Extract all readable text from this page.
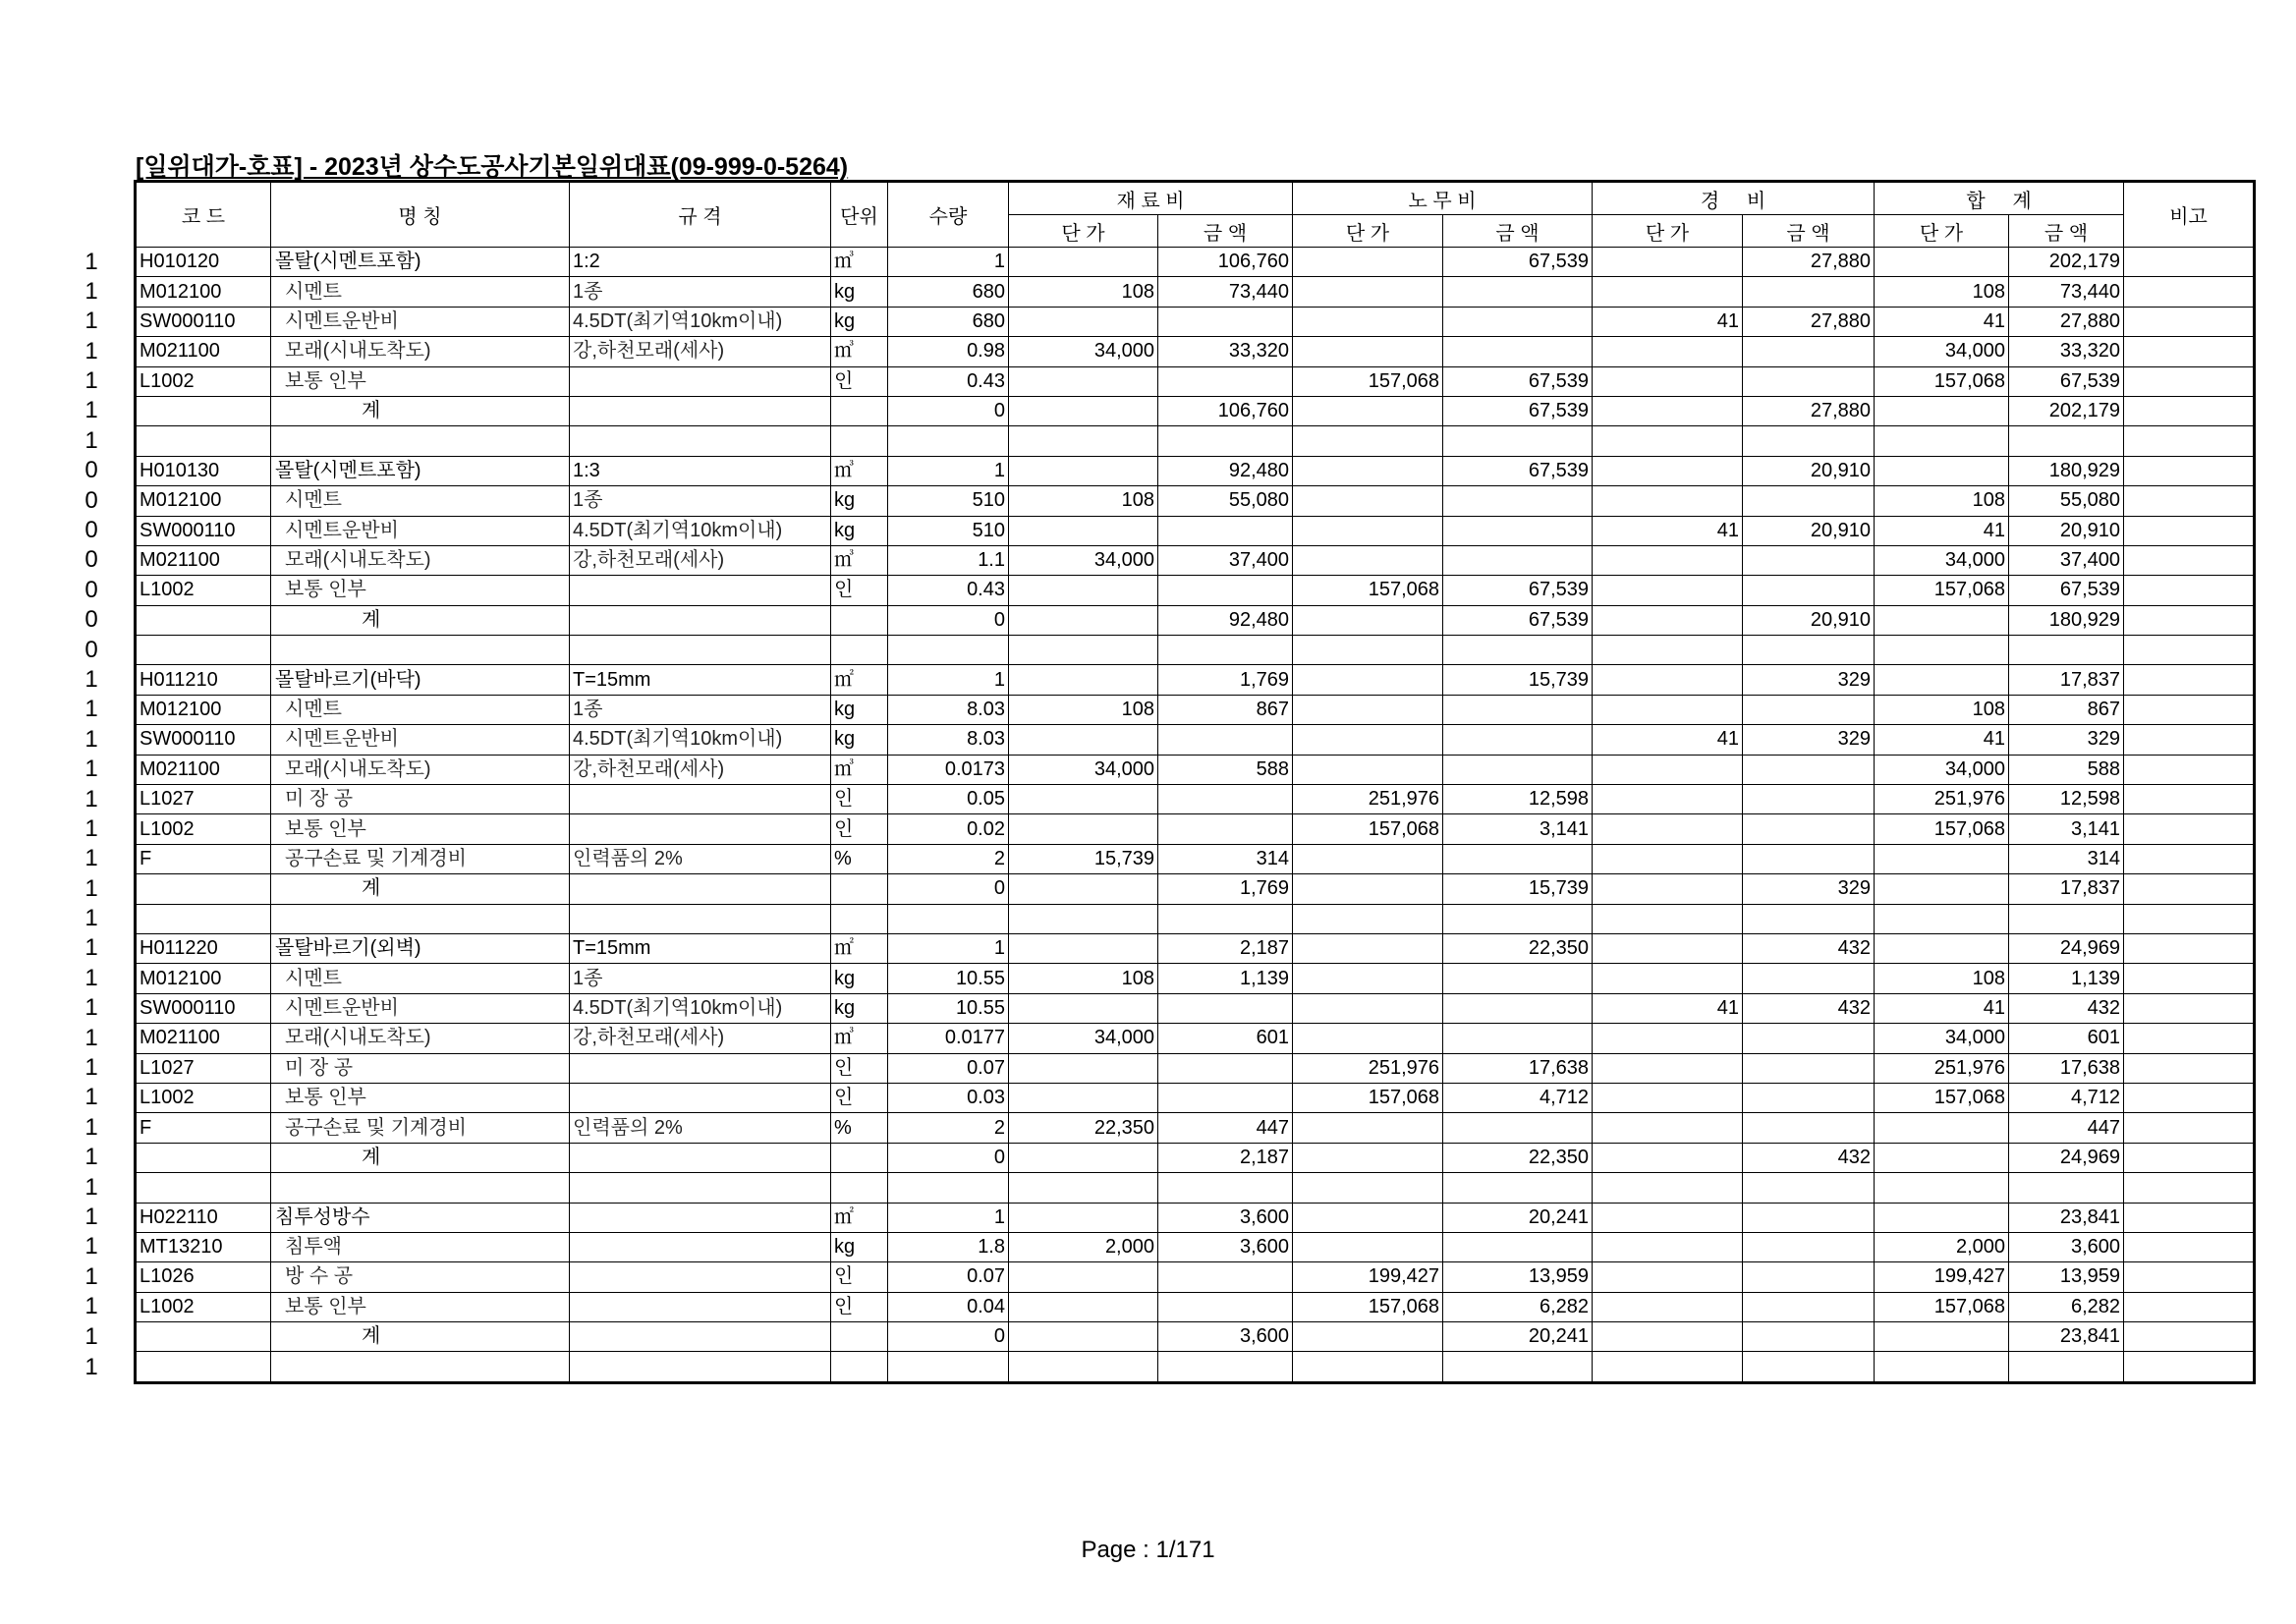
[일위대가-호표] - 2023년 상수도공사기본일위대표(09-999-0-5264)
1
1
1
1
1
1
1
0
0
0
0
0
0
0
1
1
1
1
1
1
1
1
1
1
1
1
1
1
1
1
1
1
1
1
1
1
1
1
코 드	명 칭	규 격	단위	수량	재 료 비		노 무 비		경     비		합     계		비고
					단 가	금 액	단 가	금 액	단 가	금 액	단 가	금 액	
H010120	몰탈(시멘트포함)	1:2	㎥	1		106,760		67,539		27,880		202,179	
M012100	시멘트	1종	kg	680	108	73,440					108	73,440	
SW000110	시멘트운반비	4.5DT(최기역10km이내)	kg	680					41	27,880	41	27,880	
M021100	모래(시내도착도)	강,하천모래(세사)	㎥	0.98	34,000	33,320					34,000	33,320	
L1002	보통 인부		인	0.43			157,068	67,539			157,068	67,539	
	계			0		106,760		67,539		27,880		202,179	

H010130	몰탈(시멘트포함)	1:3	㎥	1		92,480		67,539		20,910		180,929	
M012100	시멘트	1종	kg	510	108	55,080					108	55,080	
SW000110	시멘트운반비	4.5DT(최기역10km이내)	kg	510					41	20,910	41	20,910	
M021100	모래(시내도착도)	강,하천모래(세사)	㎥	1.1	34,000	37,400					34,000	37,400	
L1002	보통 인부		인	0.43			157,068	67,539			157,068	67,539	
	계			0		92,480		67,539		20,910		180,929	

H011210	몰탈바르기(바닥)	T=15mm	㎡	1		1,769		15,739		329		17,837	
M012100	시멘트	1종	kg	8.03	108	867					108	867	
SW000110	시멘트운반비	4.5DT(최기역10km이내)	kg	8.03					41	329	41	329	
M021100	모래(시내도착도)	강,하천모래(세사)	㎥	0.0173	34,000	588					34,000	588	
L1027	미 장 공		인	0.05			251,976	12,598			251,976	12,598	
L1002	보통 인부		인	0.02			157,068	3,141			157,068	3,141	
F	공구손료 및 기계경비	인력품의 2%	%	2	15,739	314						314	
	계			0		1,769		15,739		329		17,837	

H011220	몰탈바르기(외벽)	T=15mm	㎡	1		2,187		22,350		432		24,969	
M012100	시멘트	1종	kg	10.55	108	1,139					108	1,139	
SW000110	시멘트운반비	4.5DT(최기역10km이내)	kg	10.55					41	432	41	432	
M021100	모래(시내도착도)	강,하천모래(세사)	㎥	0.0177	34,000	601					34,000	601	
L1027	미 장 공		인	0.07			251,976	17,638			251,976	17,638	
L1002	보통 인부		인	0.03			157,068	4,712			157,068	4,712	
F	공구손료 및 기계경비	인력품의 2%	%	2	22,350	447						447	
	계			0		2,187		22,350		432		24,969	

H022110	침투성방수		㎡	1		3,600		20,241				23,841	
MT13210	침투액		kg	1.8	2,000	3,600					2,000	3,600	
L1026	방 수 공		인	0.07			199,427	13,959			199,427	13,959	
L1002	보통 인부		인	0.04			157,068	6,282			157,068	6,282	
	계			0		3,600		20,241				23,841	

Page : 1/171
